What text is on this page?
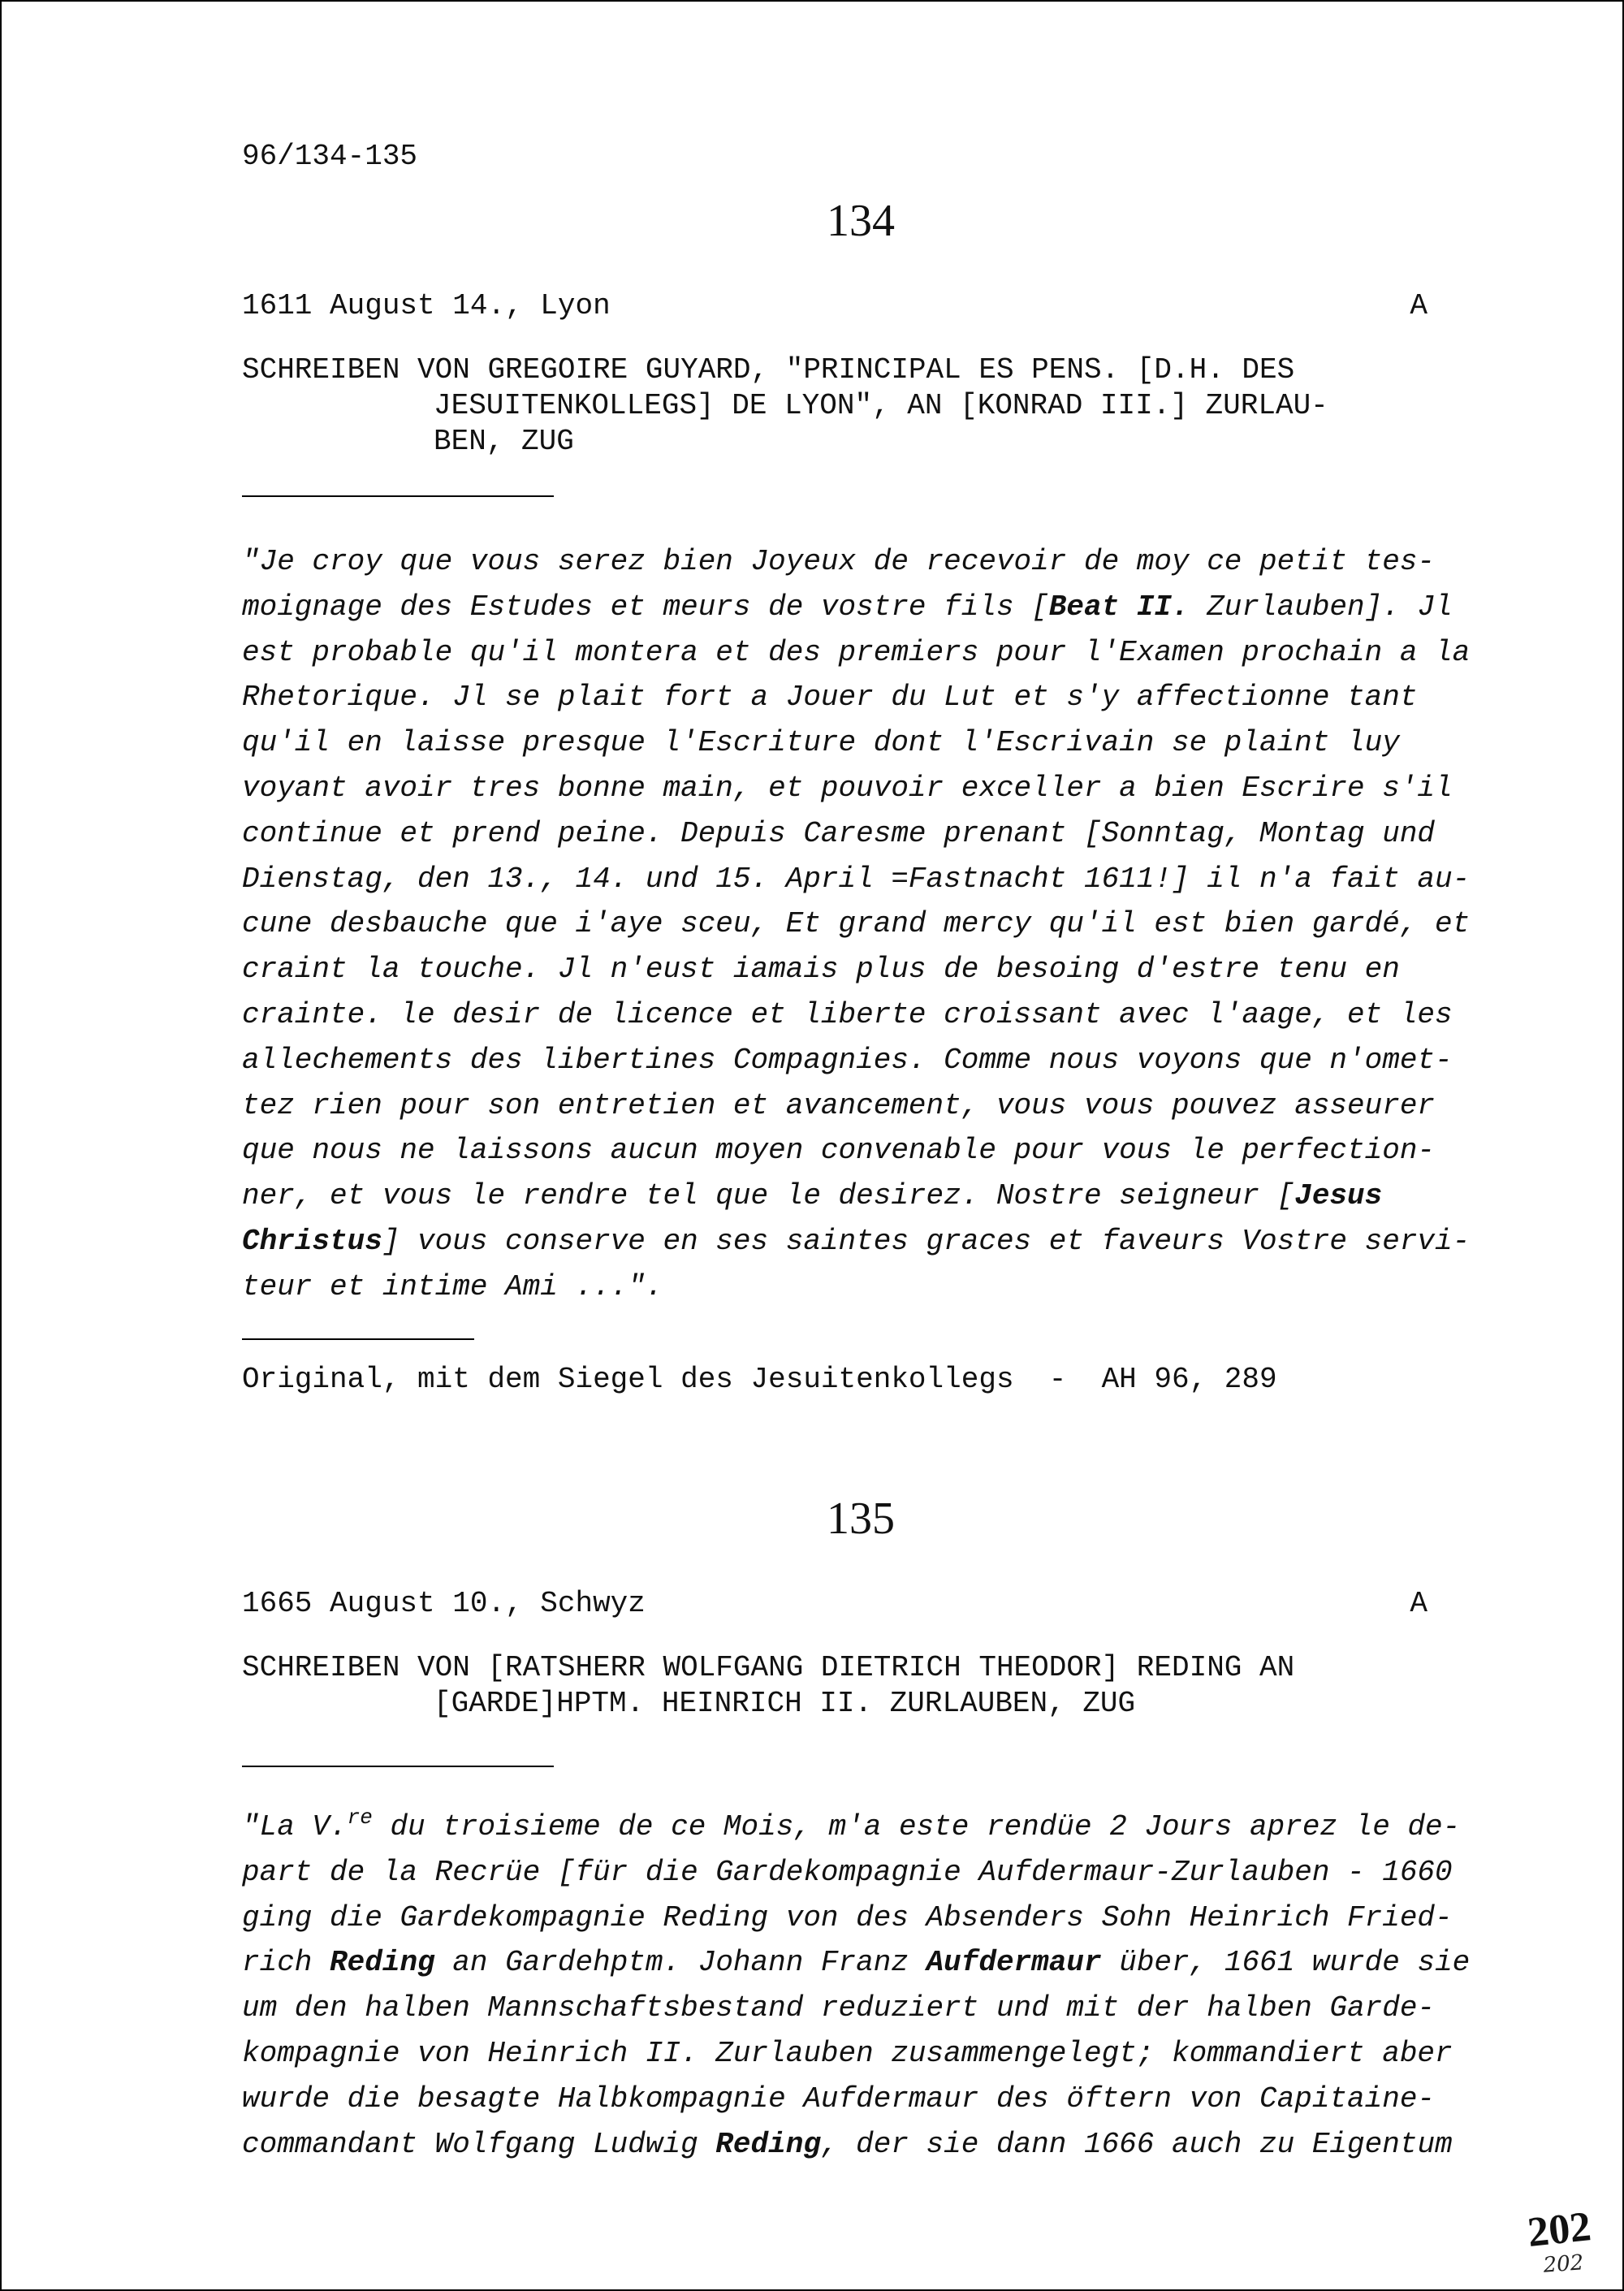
96/134-135
134
1611 August 14., Lyon	A
SCHREIBEN VON GREGOIRE GUYARD, "PRINCIPAL ES PENS. [D.H. DES
JESUITENKOLLEGS] DE LYON", AN [KONRAD III.] ZURLAU-
BEN, ZUG
"Je croy que vous serez bien Joyeux de recevoir de moy ce petit tes-
moignage des Estudes et meurs de vostre fils [Beat II. Zurlauben]. Jl
est probable qu'il montera et des premiers pour l'Examen prochain a la
Rhetorique. Jl se plait fort a Jouer du Lut et s'y affectionne tant
qu'il en laisse presque l'Escriture dont l'Escrivain se plaint luy
voyant avoir tres bonne main, et pouvoir exceller a bien Escrire s'il
continue et prend peine. Depuis Caresme prenant [Sonntag, Montag und
Dienstag, den 13., 14. und 15. April =Fastnacht 1611!] il n'a fait au-
cune desbauche que i'aye sceu, Et grand mercy qu'il est bien gardé, et
craint la touche. Jl n'eust iamais plus de besoing d'estre tenu en
crainte. le desir de licence et liberte croissant avec l'aage, et les
allechements des libertines Compagnies. Comme nous voyons que n'omet-
tez rien pour son entretien et avancement, vous vous pouvez asseurer
que nous ne laissons aucun moyen convenable pour vous le perfection-
ner, et vous le rendre tel que le desirez. Nostre seigneur [Jesus
Christus] vous conserve en ses saintes graces et faveurs Vostre servi-
teur et intime Ami ...".
Original, mit dem Siegel des Jesuitenkollegs  -  AH 96, 289
135
1665 August 10., Schwyz	A
SCHREIBEN VON [RATSHERR WOLFGANG DIETRICH THEODOR] REDING AN
[GARDE]HPTM. HEINRICH II. ZURLAUBEN, ZUG
"La V.$^{re}$ du troisieme de ce Mois, m'a este rendüe 2 Jours aprez le de-
part de la Recrüe [für die Gardekompagnie Aufdermaur-Zurlauben - 1660
ging die Gardekompagnie Reding von des Absenders Sohn Heinrich Fried-
rich Reding an Gardehptm. Johann Franz Aufdermaur über, 1661 wurde sie
um den halben Mannschaftsbestand reduziert und mit der halben Garde-
kompagnie von Heinrich II. Zurlauben zusammengelegt; kommandiert aber
wurde die besagte Halbkompagnie Aufdermaur des öftern von Capitaine-
commandant Wolfgang Ludwig Reding, der sie dann 1666 auch zu Eigentum
202
202
